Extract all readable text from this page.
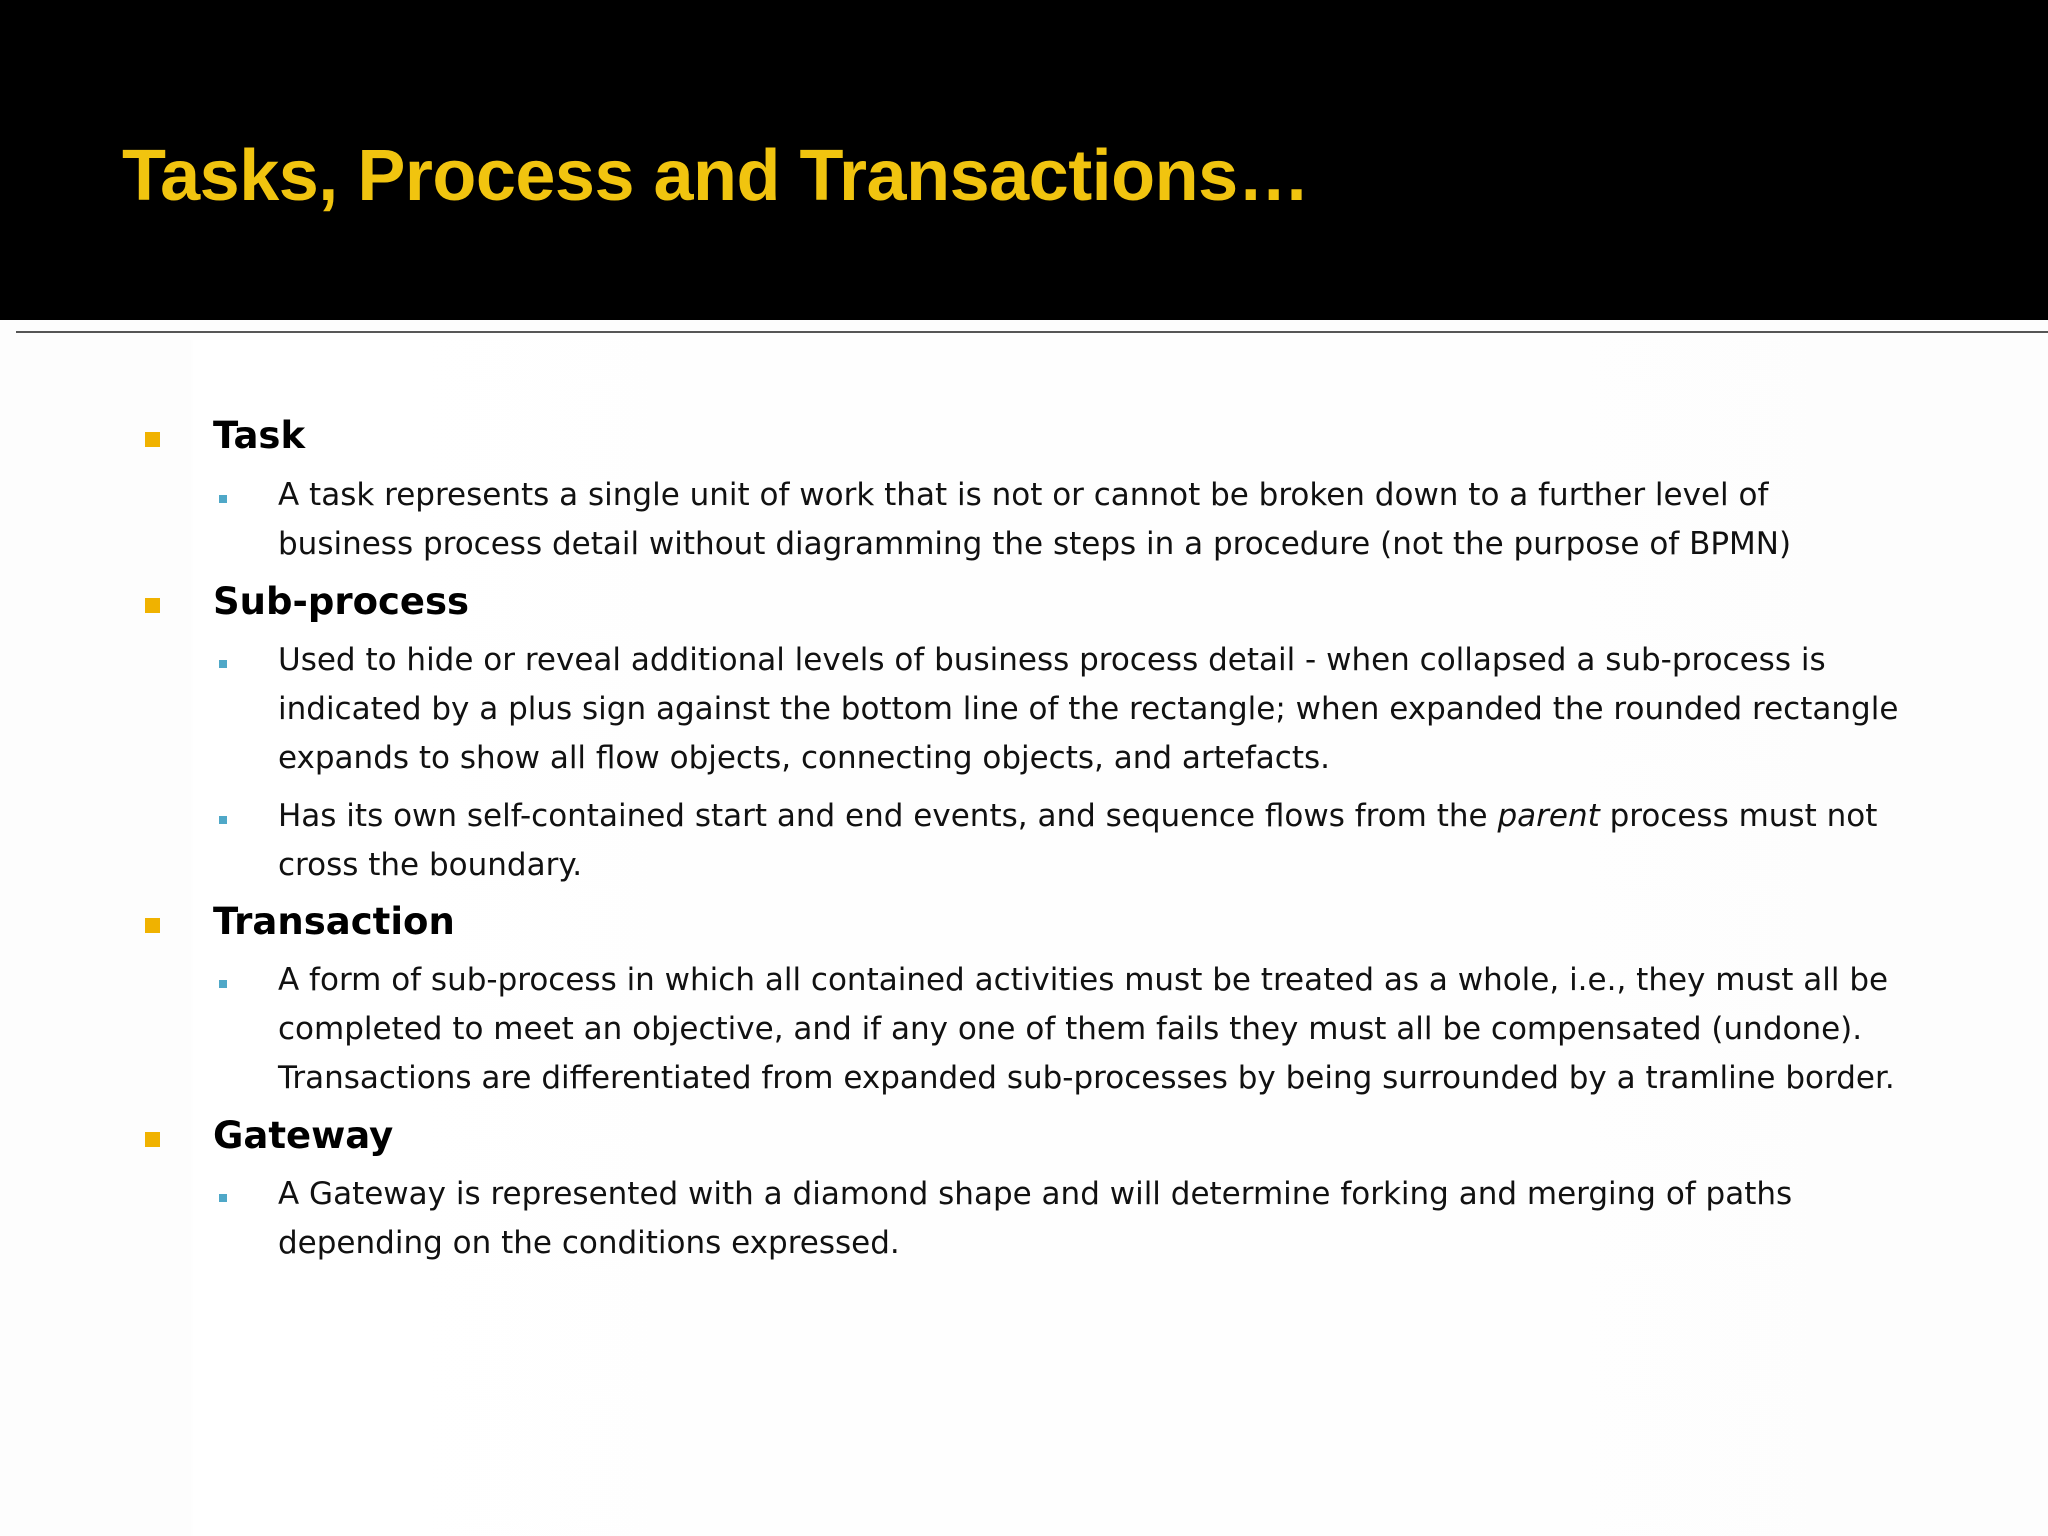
Tasks, Process and Transactions…
Task
A task represents a single unit of work that is not or cannot be broken down to a further level of
business process detail without diagramming the steps in a procedure (not the purpose of BPMN)
Sub-process
Used to hide or reveal additional levels of business process detail - when collapsed a sub-process is
indicated by a plus sign against the bottom line of the rectangle; when expanded the rounded rectangle
expands to show all flow objects, connecting objects, and artefacts.
Has its own self-contained start and end events, and sequence flows from the parent process must not
cross the boundary.
Transaction
A form of sub-process in which all contained activities must be treated as a whole, i.e., they must all be
completed to meet an objective, and if any one of them fails they must all be compensated (undone).
Transactions are differentiated from expanded sub-processes by being surrounded by a tramline border.
Gateway
A Gateway is represented with a diamond shape and will determine forking and merging of paths
depending on the conditions expressed.
